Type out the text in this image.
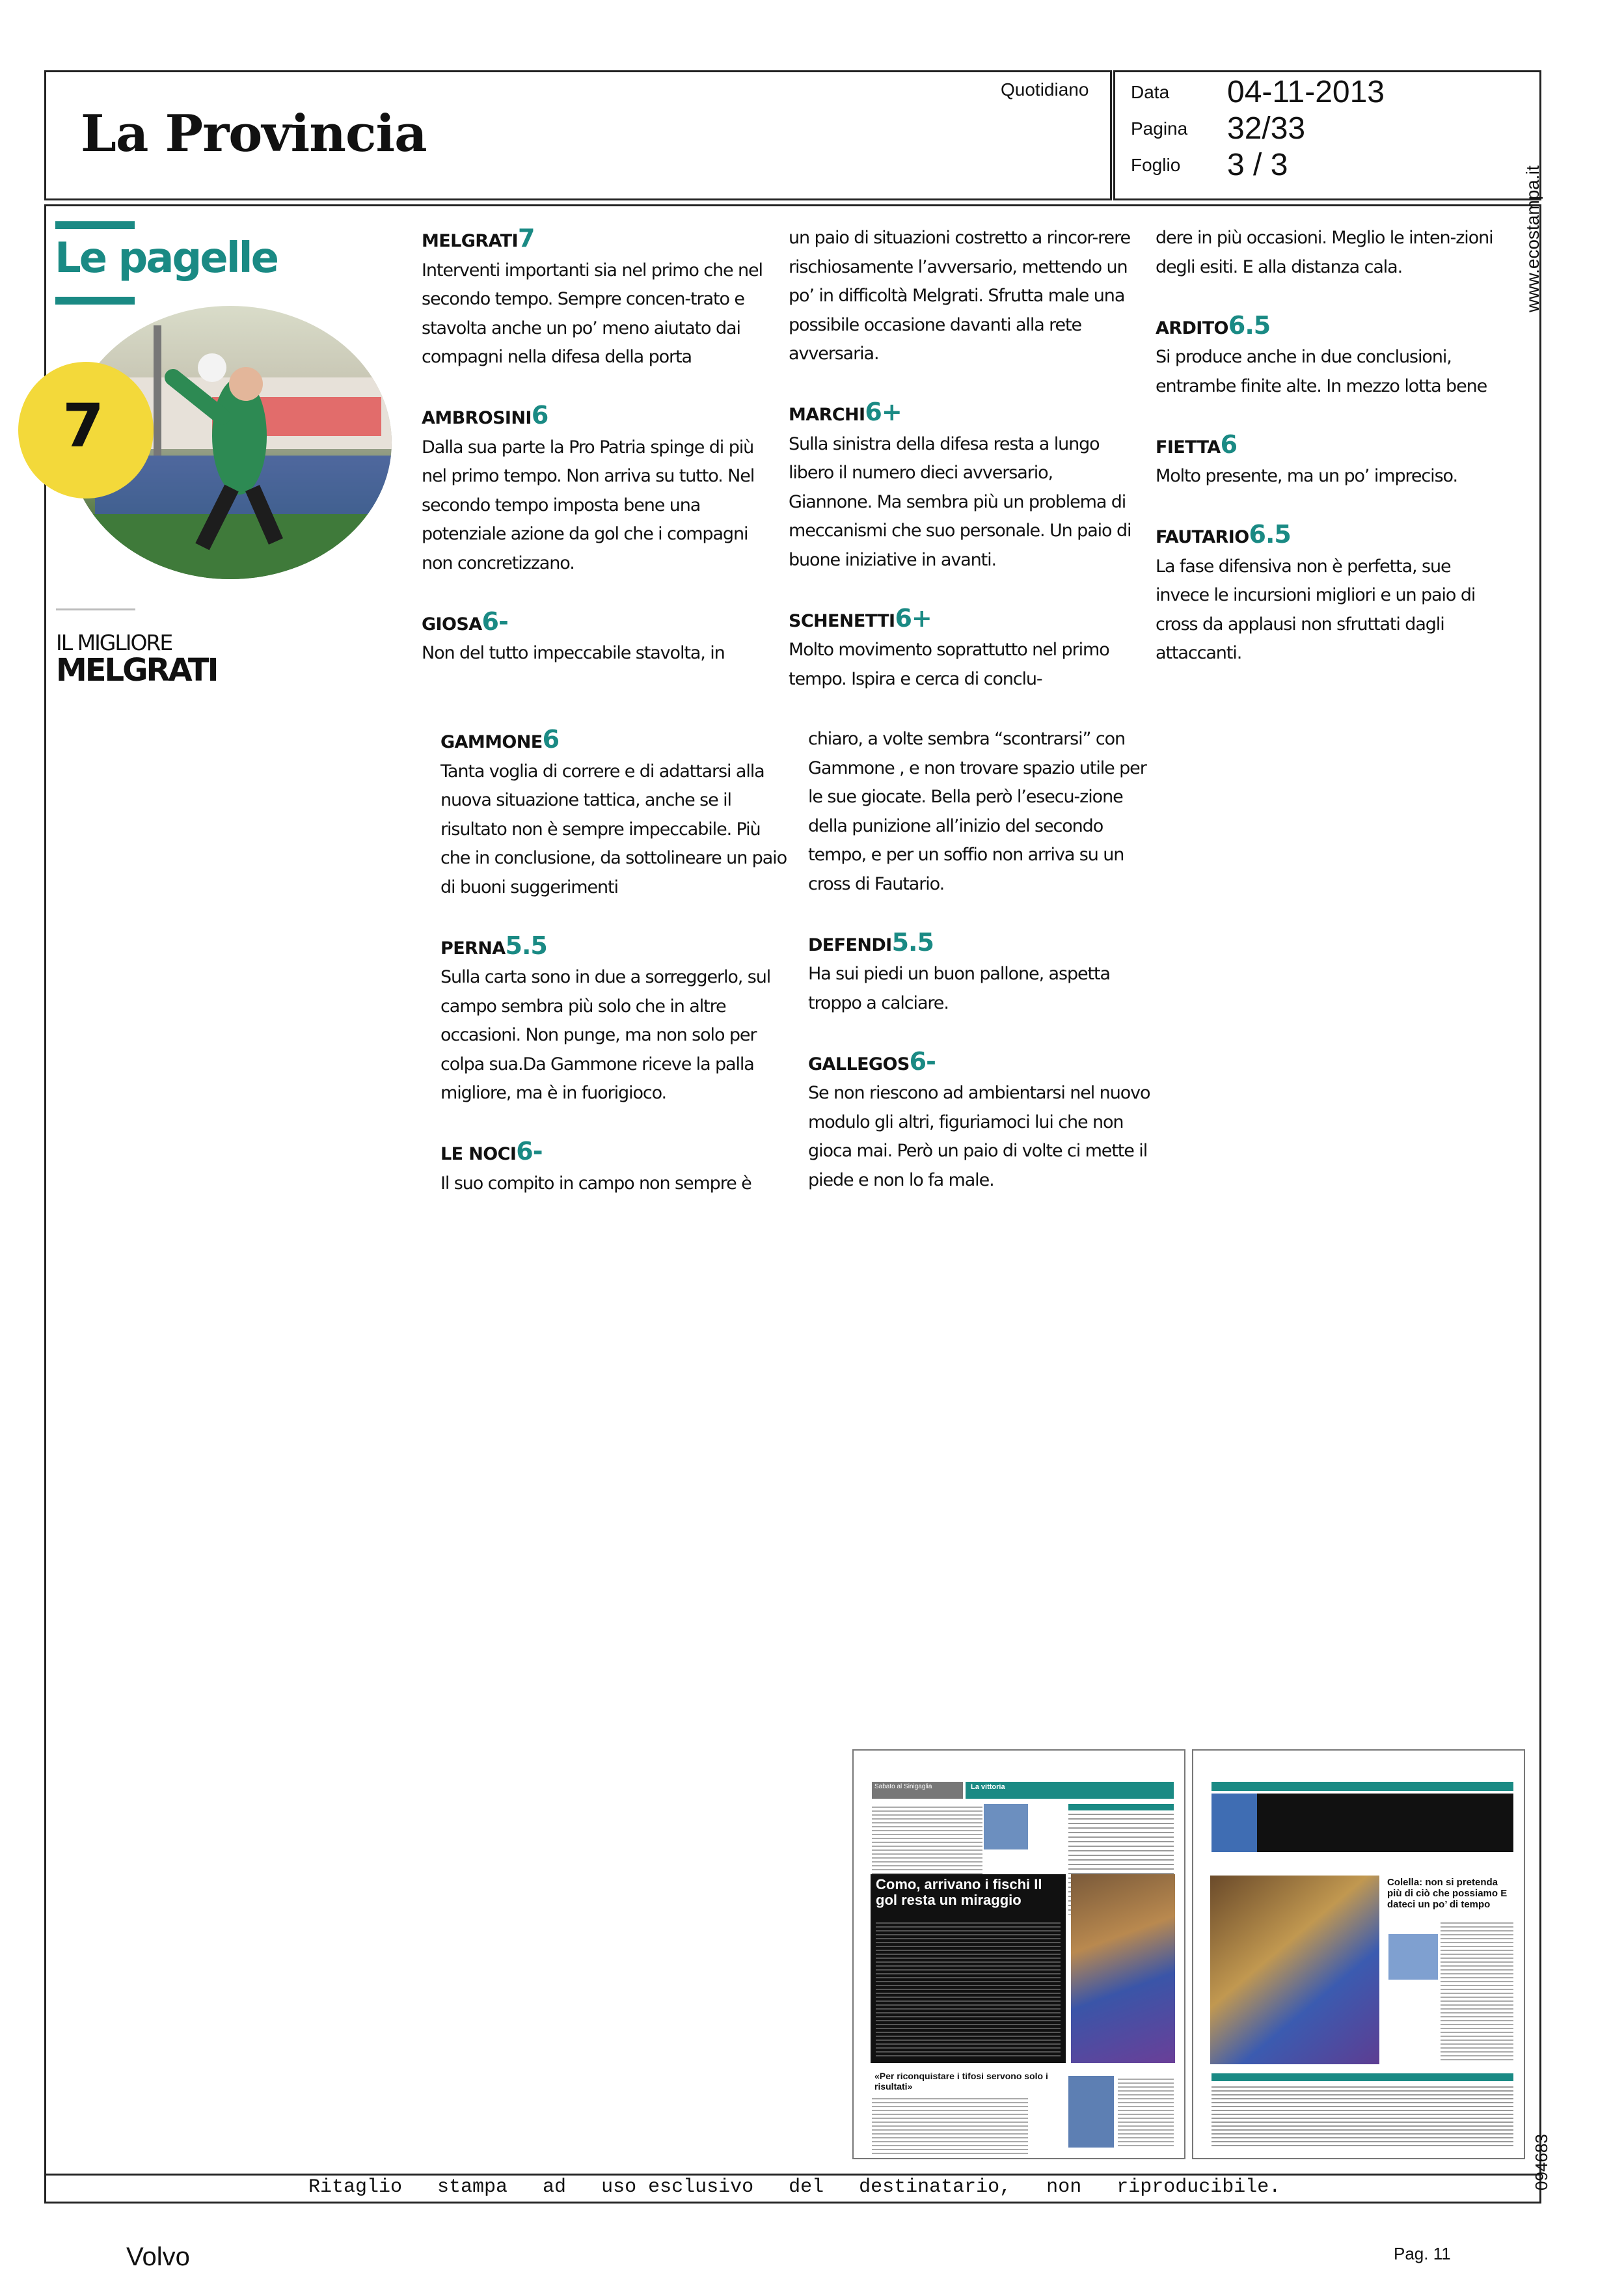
La Provincia
Quotidiano Data 04-11-2013
Pagina 32/33
Foglio 3 / 3
www.ecostampa.it
094683
Le pagelle
7
IL MIGLIORE
MELGRATI
MELGRATI7
Interventi importanti sia nel primo che nel secondo tempo. Sempre concen-trato e stavolta anche un po’ meno aiutato dai compagni nella difesa della porta
AMBROSINI6
Dalla sua parte la Pro Patria spinge di più nel primo tempo. Non arriva su tutto. Nel secondo tempo imposta bene una potenziale azione da gol che i compagni non concretizzano.
GIOSA6-
Non del tutto impeccabile stavolta, in
un paio di situazioni costretto a rincor-rere rischiosamente l’avversario, mettendo un po’ in difficoltà Melgrati. Sfrutta male una possibile occasione davanti alla rete avversaria.
MARCHI6+
Sulla sinistra della difesa resta a lungo libero il numero dieci avversario, Giannone. Ma sembra più un problema di meccanismi che suo personale. Un paio di buone iniziative in avanti.
SCHENETTI6+
Molto movimento soprattutto nel primo tempo. Ispira e cerca di conclu-
dere in più occasioni. Meglio le inten-zioni degli esiti. E alla distanza cala.
ARDITO6.5
Si produce anche in due conclusioni, entrambe finite alte. In mezzo lotta bene
FIETTA6
Molto presente, ma un po’ impreciso.
FAUTARIO6.5
La fase difensiva non è perfetta, sue invece le incursioni migliori e un paio di cross da applausi non sfruttati dagli attaccanti.
GAMMONE6
Tanta voglia di correre e di adattarsi alla nuova situazione tattica, anche se il risultato non è sempre impeccabile. Più che in conclusione, da sottolineare un paio di buoni suggerimenti
PERNA5.5
Sulla carta sono in due a sorreggerlo, sul campo sembra più solo che in altre occasioni. Non punge, ma non solo per colpa sua.Da Gammone riceve la palla migliore, ma è in fuorigioco.
LE NOCI6-
Il suo compito in campo non sempre è
chiaro, a volte sembra “scontrarsi” con Gammone , e non trovare spazio utile per le sue giocate. Bella però l’esecu-zione della punizione all’inizio del secondo tempo, e per un soffio non arriva su un cross di Fautario.
DEFENDI5.5
Ha sui piedi un buon pallone, aspetta troppo a calciare.
GALLEGOS6-
Se non riescono ad ambientarsi nel nuovo modulo gli altri, figuriamoci lui che non gioca mai. Però un paio di volte ci mette il piede e non lo fa male.
Sabato al Sinigaglia	La vittoria
Como, arrivano i fischi Il gol resta un miraggio
«Per riconquistare i tifosi servono solo i risultati»
Colella: non si pretenda più di ciò che possiamo E dateci un po’ di tempo
Ritaglio   stampa   ad   uso esclusivo   del   destinatario,   non   riproducibile.
Volvo	Pag. 11
